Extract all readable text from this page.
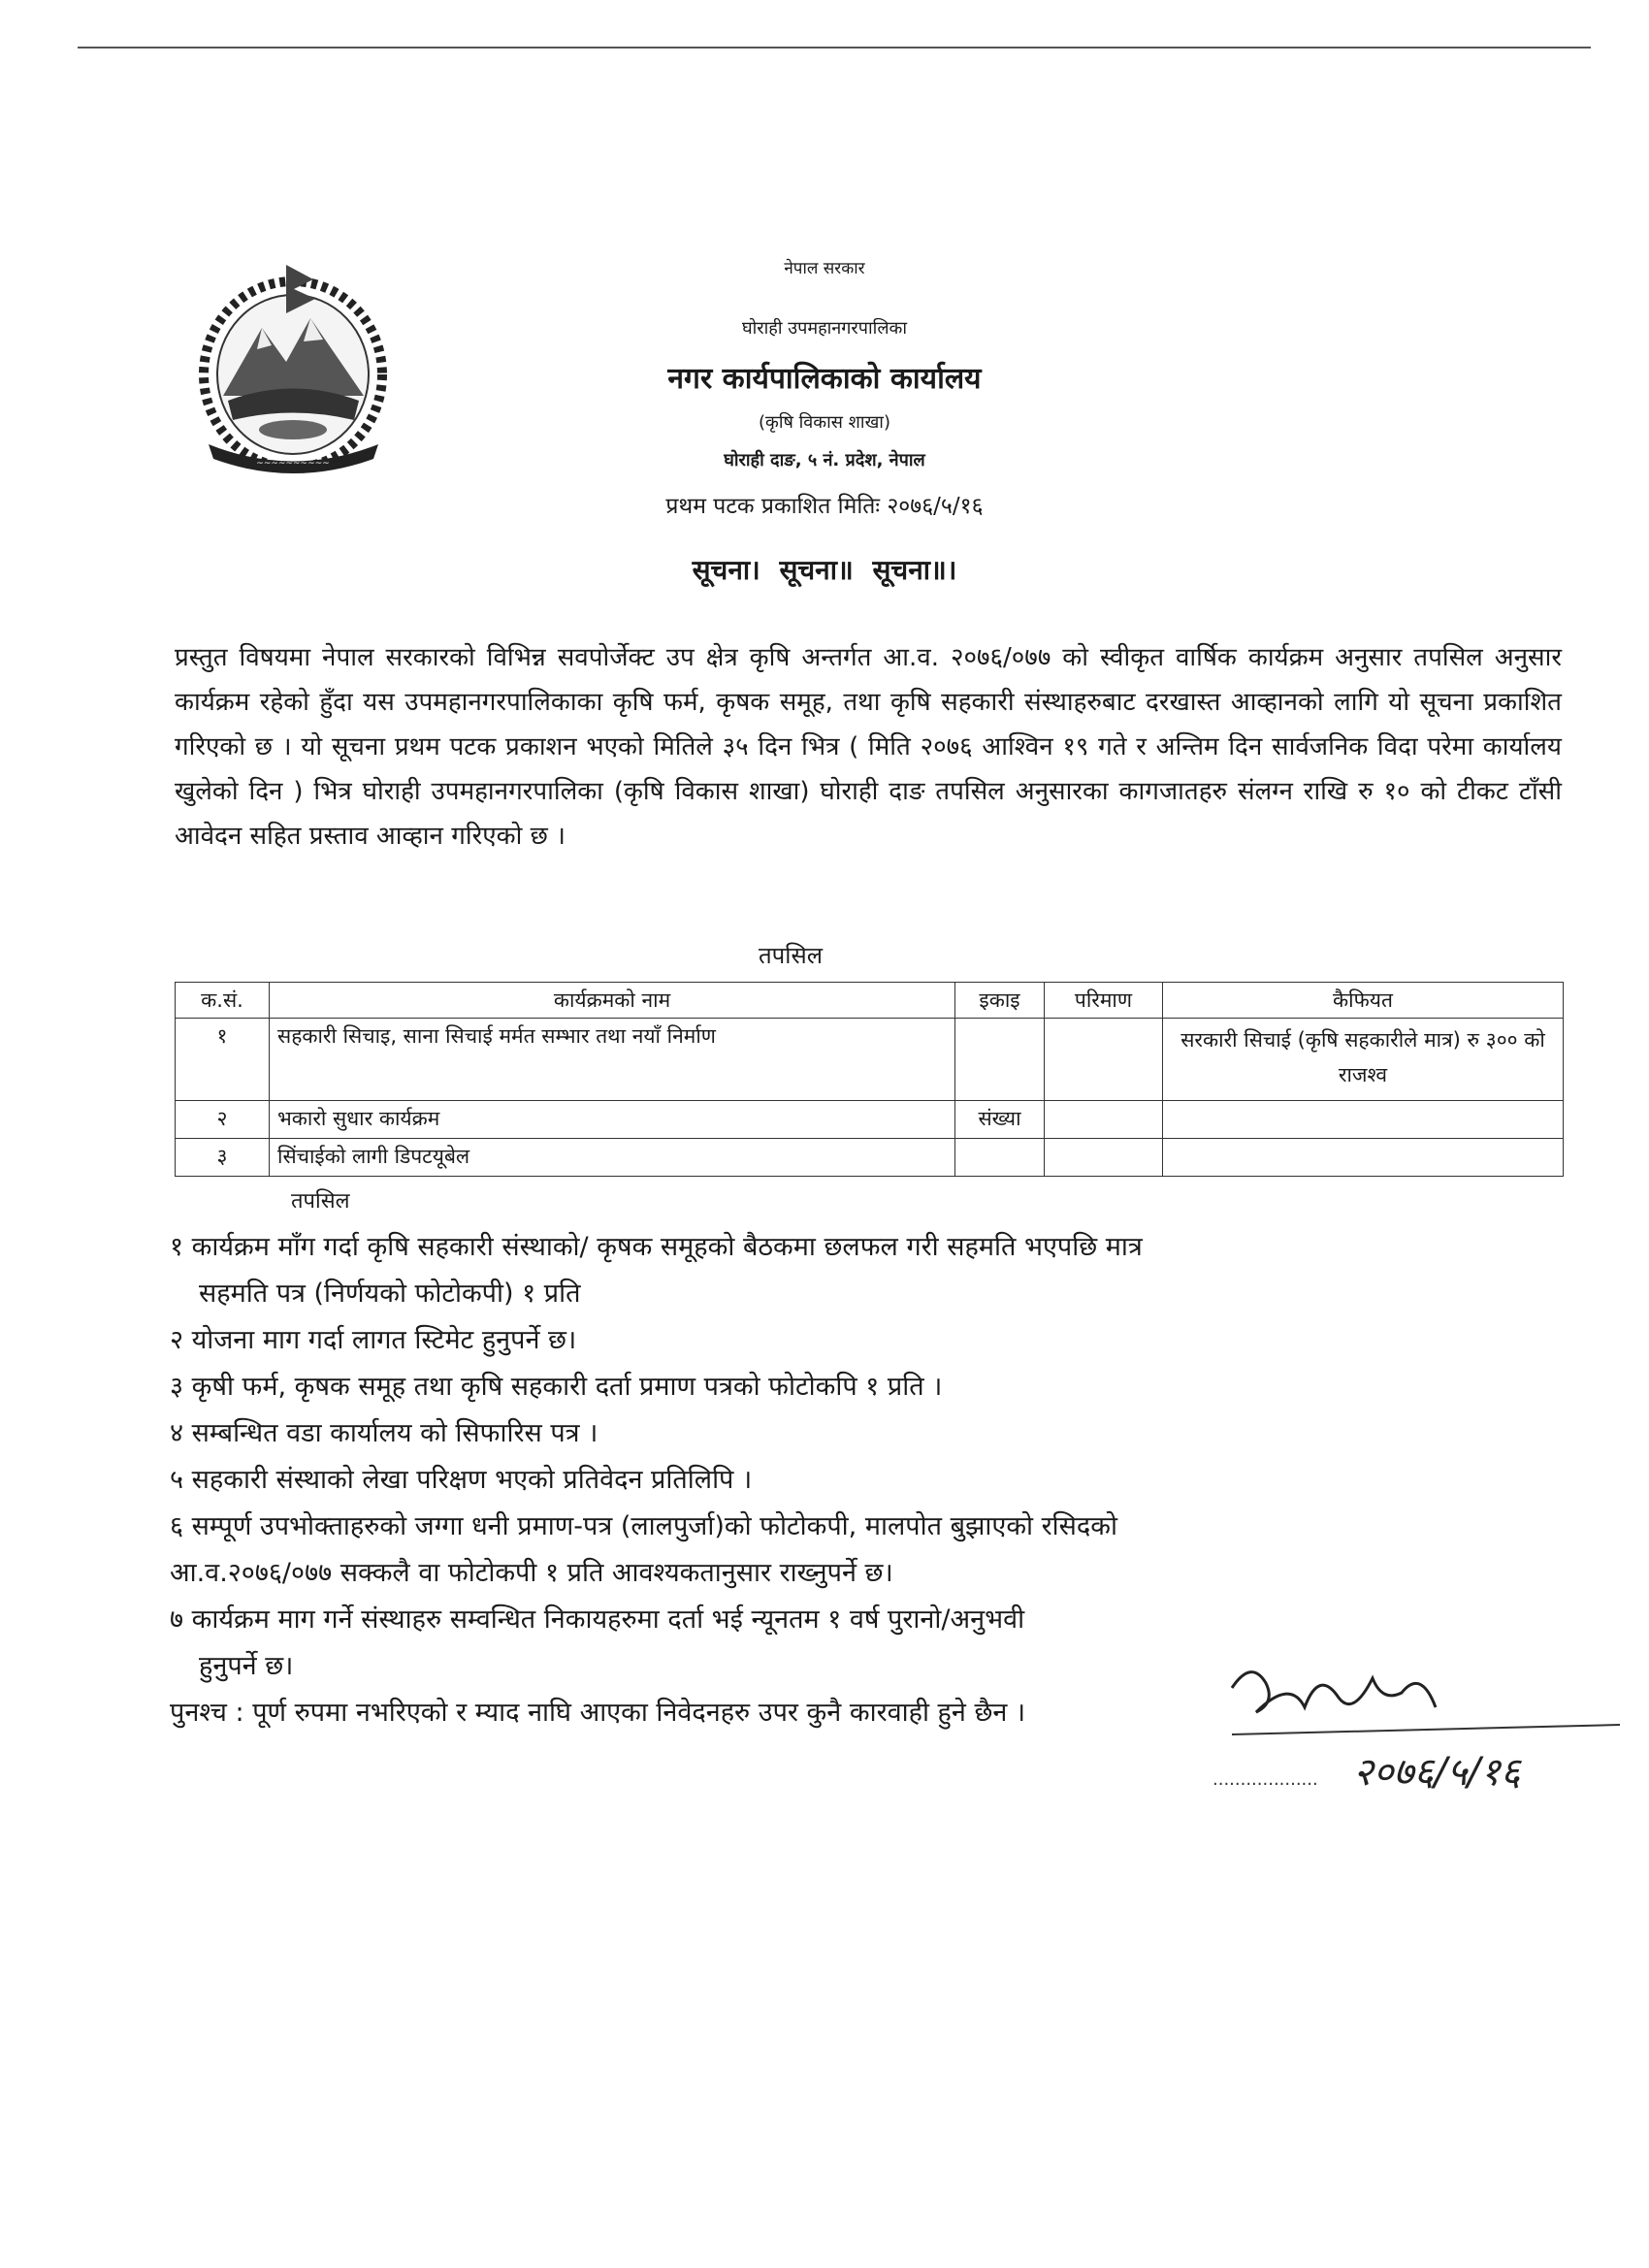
~~~~~~~~~~
नेपाल सरकार
घोराही उपमहानगरपालिका
नगर कार्यपालिकाको कार्यालय
(कृषि विकास शाखा)
घोराही दाङ, ५ नं. प्रदेश, नेपाल
प्रथम पटक प्रकाशित मितिः २०७६/५/१६
सूचना। सूचना॥ सूचना॥।
प्रस्तुत विषयमा नेपाल सरकारको विभिन्न सवपोर्जेक्ट उप क्षेत्र कृषि अन्तर्गत आ.व. २०७६/०७७ को स्वीकृत वार्षिक कार्यक्रम अनुसार तपसिल अनुसार कार्यक्रम रहेको हुँदा यस उपमहानगरपालिकाका कृषि फर्म, कृषक समूह, तथा कृषि सहकारी संस्थाहरुबाट दरखास्त आव्हानको लागि यो सूचना प्रकाशित गरिएको छ । यो सूचना प्रथम पटक प्रकाशन भएको मितिले ३५ दिन भित्र ( मिति २०७६ आश्विन १९ गते र अन्तिम दिन सार्वजनिक विदा परेमा कार्यालय खुलेको दिन ) भित्र घोराही उपमहानगरपालिका (कृषि विकास शाखा) घोराही दाङ तपसिल अनुसारका कागजातहरु संलग्न राखि रु १० को टीकट टाँसी आवेदन सहित प्रस्ताव आव्हान गरिएको छ ।
तपसिल
क.सं.	कार्यक्रमको नाम	इकाइ	परिमाण	कैफियत
१	सहकारी सिचाइ, साना सिचाई मर्मत सम्भार तथा नयाँ निर्माण			सरकारी सिचाई (कृषि सहकारीले मात्र) रु ३०० को राजश्व
२	भकारो सुधार कार्यक्रम	संख्या		
३	सिंचाईको लागी डिपटयूबेल			
तपसिल

१ कार्यक्रम माँग गर्दा कृषि सहकारी संस्थाको/ कृषक समूहको बैठकमा छलफल गरी सहमति भएपछि मात्र

सहमति पत्र (निर्णयको फोटोकपी) १ प्रति

२ योजना माग गर्दा लागत स्टिमेट हुनुपर्ने छ।

३ कृषी फर्म, कृषक समूह तथा कृषि सहकारी दर्ता प्रमाण पत्रको फोटोकपि १ प्रति ।

४ सम्बन्धित वडा कार्यालय को सिफारिस पत्र ।

५ सहकारी संस्थाको लेखा परिक्षण भएको प्रतिवेदन प्रतिलिपि ।

६ सम्पूर्ण उपभोक्ताहरुको जग्गा धनी प्रमाण-पत्र (लालपुर्जा)को फोटोकपी, मालपोत बुझाएको रसिदको

आ.व.२०७६/०७७ सक्कलै वा फोटोकपी १ प्रति आवश्यकतानुसार राख्नुपर्ने छ।

७ कार्यक्रम माग गर्ने संस्थाहरु सम्वन्धित निकायहरुमा दर्ता भई न्यूनतम १ वर्ष पुरानो/अनुभवी

हुनुपर्ने छ।

पुनश्च : पूर्ण रुपमा नभरिएको र म्याद नाघि आएका निवेदनहरु उपर कुनै कारवाही हुने छैन ।

................... २०७६/५/१६
